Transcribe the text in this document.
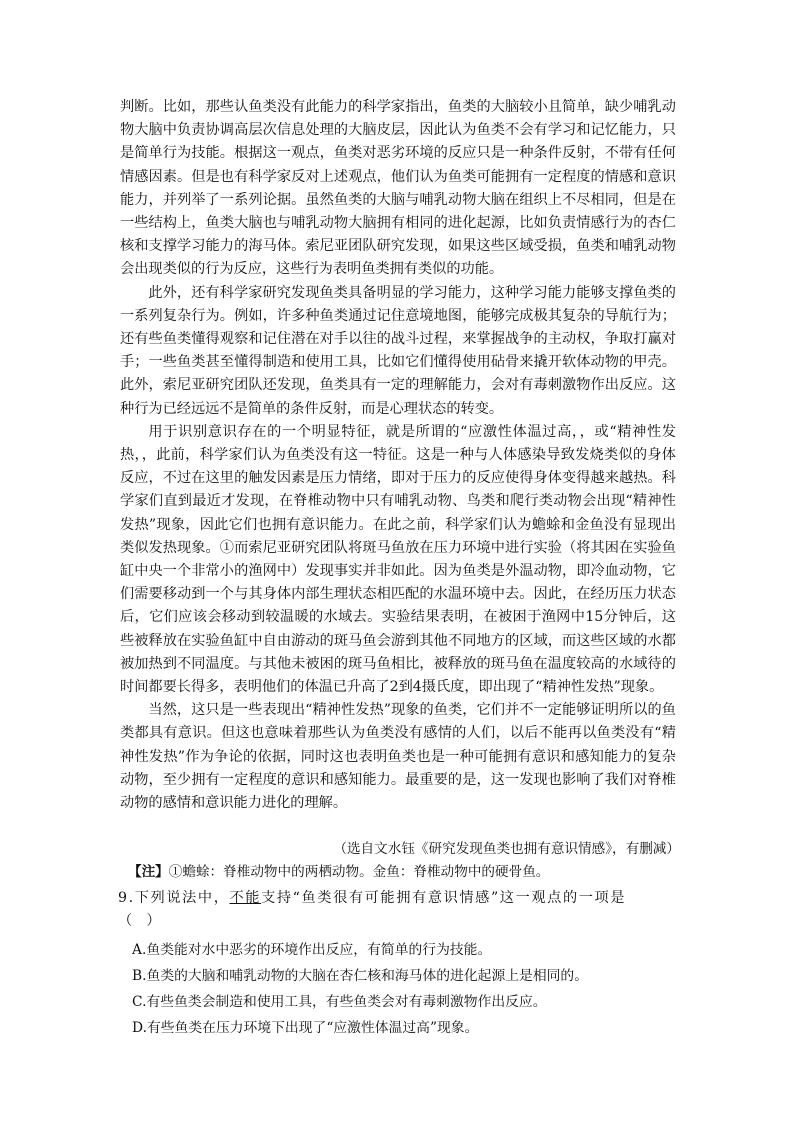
判断。比如，那些认鱼类没有此能力的科学家指出，鱼类的大脑较小且简单，缺少哺乳动物大脑中负责协调高层次信息处理的大脑皮层，因此认为鱼类不会有学习和记忆能力，只是简单行为技能。根据这一观点，鱼类对恶劣环境的反应只是一种条件反射，不带有任何情感因素。但是也有科学家反对上述观点，他们认为鱼类可能拥有一定程度的情感和意识能力，并列举了一系列论据。虽然鱼类的大脑与哺乳动物大脑在组织上不尽相同，但是在一些结构上，鱼类大脑也与哺乳动物大脑拥有相同的进化起源，比如负责情感行为的杏仁核和支撑学习能力的海马体。索尼亚团队研究发现，如果这些区域受损，鱼类和哺乳动物会出现类似的行为反应，这些行为表明鱼类拥有类似的功能。

此外，还有科学家研究发现鱼类具备明显的学习能力，这种学习能力能够支撑鱼类的一系列复杂行为。例如，许多种鱼类通过记住意境地图，能够完成极其复杂的导航行为；还有些鱼类懂得观察和记住潜在对手以往的战斗过程，来掌握战争的主动权，争取打赢对手；一些鱼类甚至懂得制造和使用工具，比如它们懂得使用砧骨来撬开软体动物的甲壳。此外，索尼亚研究团队还发现，鱼类具有一定的理解能力，会对有毒刺激物作出反应。这种行为已经远远不是简单的条件反射，而是心理状态的转变。

用于识别意识存在的一个明显特征，就是所谓的“应激性体温过高，，或“精神性发热，，此前，科学家们认为鱼类没有这一特征。这是一种与人体感染导致发烧类似的身体反应，不过在这里的触发因素是压力情绪，即对于压力的反应使得身体变得越来越热。科学家们直到最近才发现，在脊椎动物中只有哺乳动物、鸟类和爬行类动物会出现“精神性发热”现象，因此它们也拥有意识能力。在此之前，科学家们认为蟾蜍和金鱼没有显现出类似发热现象。①而索尼亚研究团队将斑马鱼放在压力环境中进行实验（将其困在实验鱼缸中央一个非常小的渔网中）发现事实并非如此。因为鱼类是外温动物，即冷血动物，它们需要移动到一个与其身体内部生理状态相匹配的水温环境中去。因此，在经历压力状态后，它们应该会移动到较温暖的水域去。实验结果表明，在被困于渔网中15分钟后，这些被释放在实验鱼缸中自由游动的斑马鱼会游到其他不同地方的区域，而这些区域的水都被加热到不同温度。与其他未被困的斑马鱼相比，被释放的斑马鱼在温度较高的水域待的时间都要长得多，表明他们的体温已升高了2到4摄氏度，即出现了“精神性发热”现象。

当然，这只是一些表现出“精神性发热”现象的鱼类，它们并不一定能够证明所以的鱼类都具有意识。但这也意味着那些认为鱼类没有感情的人们，以后不能再以鱼类没有“精神性发热”作为争论的依据，同时这也表明鱼类也是一种可能拥有意识和感知能力的复杂动物，至少拥有一定程度的意识和感知能力。最重要的是，这一发现也影响了我们对脊椎动物的感情和意识能力进化的理解。

（选自文水钰《研究发现鱼类也拥有意识情感》，有删减）
【注】①蟾蜍：脊椎动物中的两栖动物。金鱼：脊椎动物中的硬骨鱼。
9.下列说法中，不能支持“鱼类很有可能拥有意识情感”这一观点的一项是
（　）
A.鱼类能对水中恶劣的环境作出反应，有简单的行为技能。
B.鱼类的大脑和哺乳动物的大脑在杏仁核和海马体的进化起源上是相同的。
C.有些鱼类会制造和使用工具，有些鱼类会对有毒刺激物作出反应。
D.有些鱼类在压力环境下出现了“应激性体温过高”现象。
